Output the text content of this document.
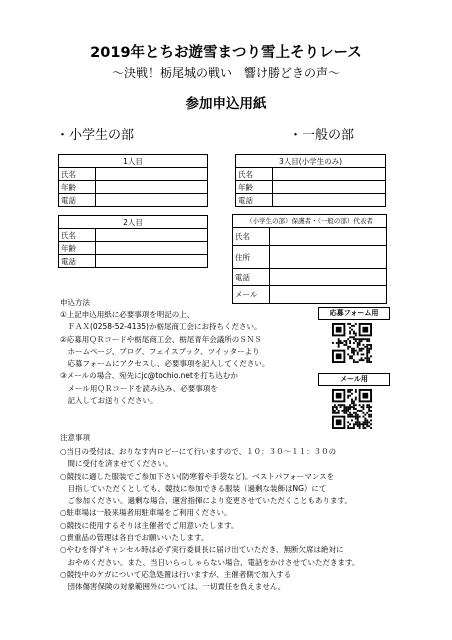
2019年とちお遊雪まつり雪上そりレース
～決戦！栃尾城の戦い　響け勝どきの声～
参加申込用紙
・小学生の部	・一般の部
1人目	
氏名	
年齢	
電話	
3人目(小学生のみ)	
氏名	
年齢	
電話	
2人目	
氏名	
年齢	
電話	
（小学生の部）保護者・（一般の部）代表者	
氏名	
住所	
電話	
メール	
申込方法
①上記申込用紙に必要事項を明記の上、
　ＦＡＸ(0258-52-4135)か栃尾商工会にお持ちください。
②応募用ＱＲコードや栃尾商工会、栃尾青年会議所のＳＮＳ
　ホームページ、ブログ、フェイスブック、ツイッターより
　応募フォームにアクセスし、必要事項を記入してください。
③メールの場合、宛先にjc@tochio.netを打ち込むか
　メール用ＱＲコードを読み込み、必要事項を
　記入してお送りください。
応募フォーム用
メール用
注意事項
○当日の受付は、おりなす内ロビーにて行いますので、１０：３０～１１：３０の
　間に受付を済ませてください。
○競技に適した服装でご参加下さい(防寒着や手袋など)。ベストパフォーマンスを
　目指していただくとしても、競技に参加できる服装（過剰な装飾はNG）にて
　ご参加ください。過剰な場合、運営指揮により変更させていただくこともあります。
○駐車場は一般来場者用駐車場をご利用ください。
○競技に使用するそりは主催者でご用意いたします。
○貴重品の管理は各自でお願いいたします。
○やむを得ずキャンセル時は必ず実行委員長に届け出ていただき、無断欠席は絶対に
　おやめください。また、当日いらっしゃらない場合、電話をかけさせていただきます。
○競技中のケガについて応急処置は行いますが、主催者側で加入する
　団体傷害保険の対象範囲外については、一切責任を負えません。
